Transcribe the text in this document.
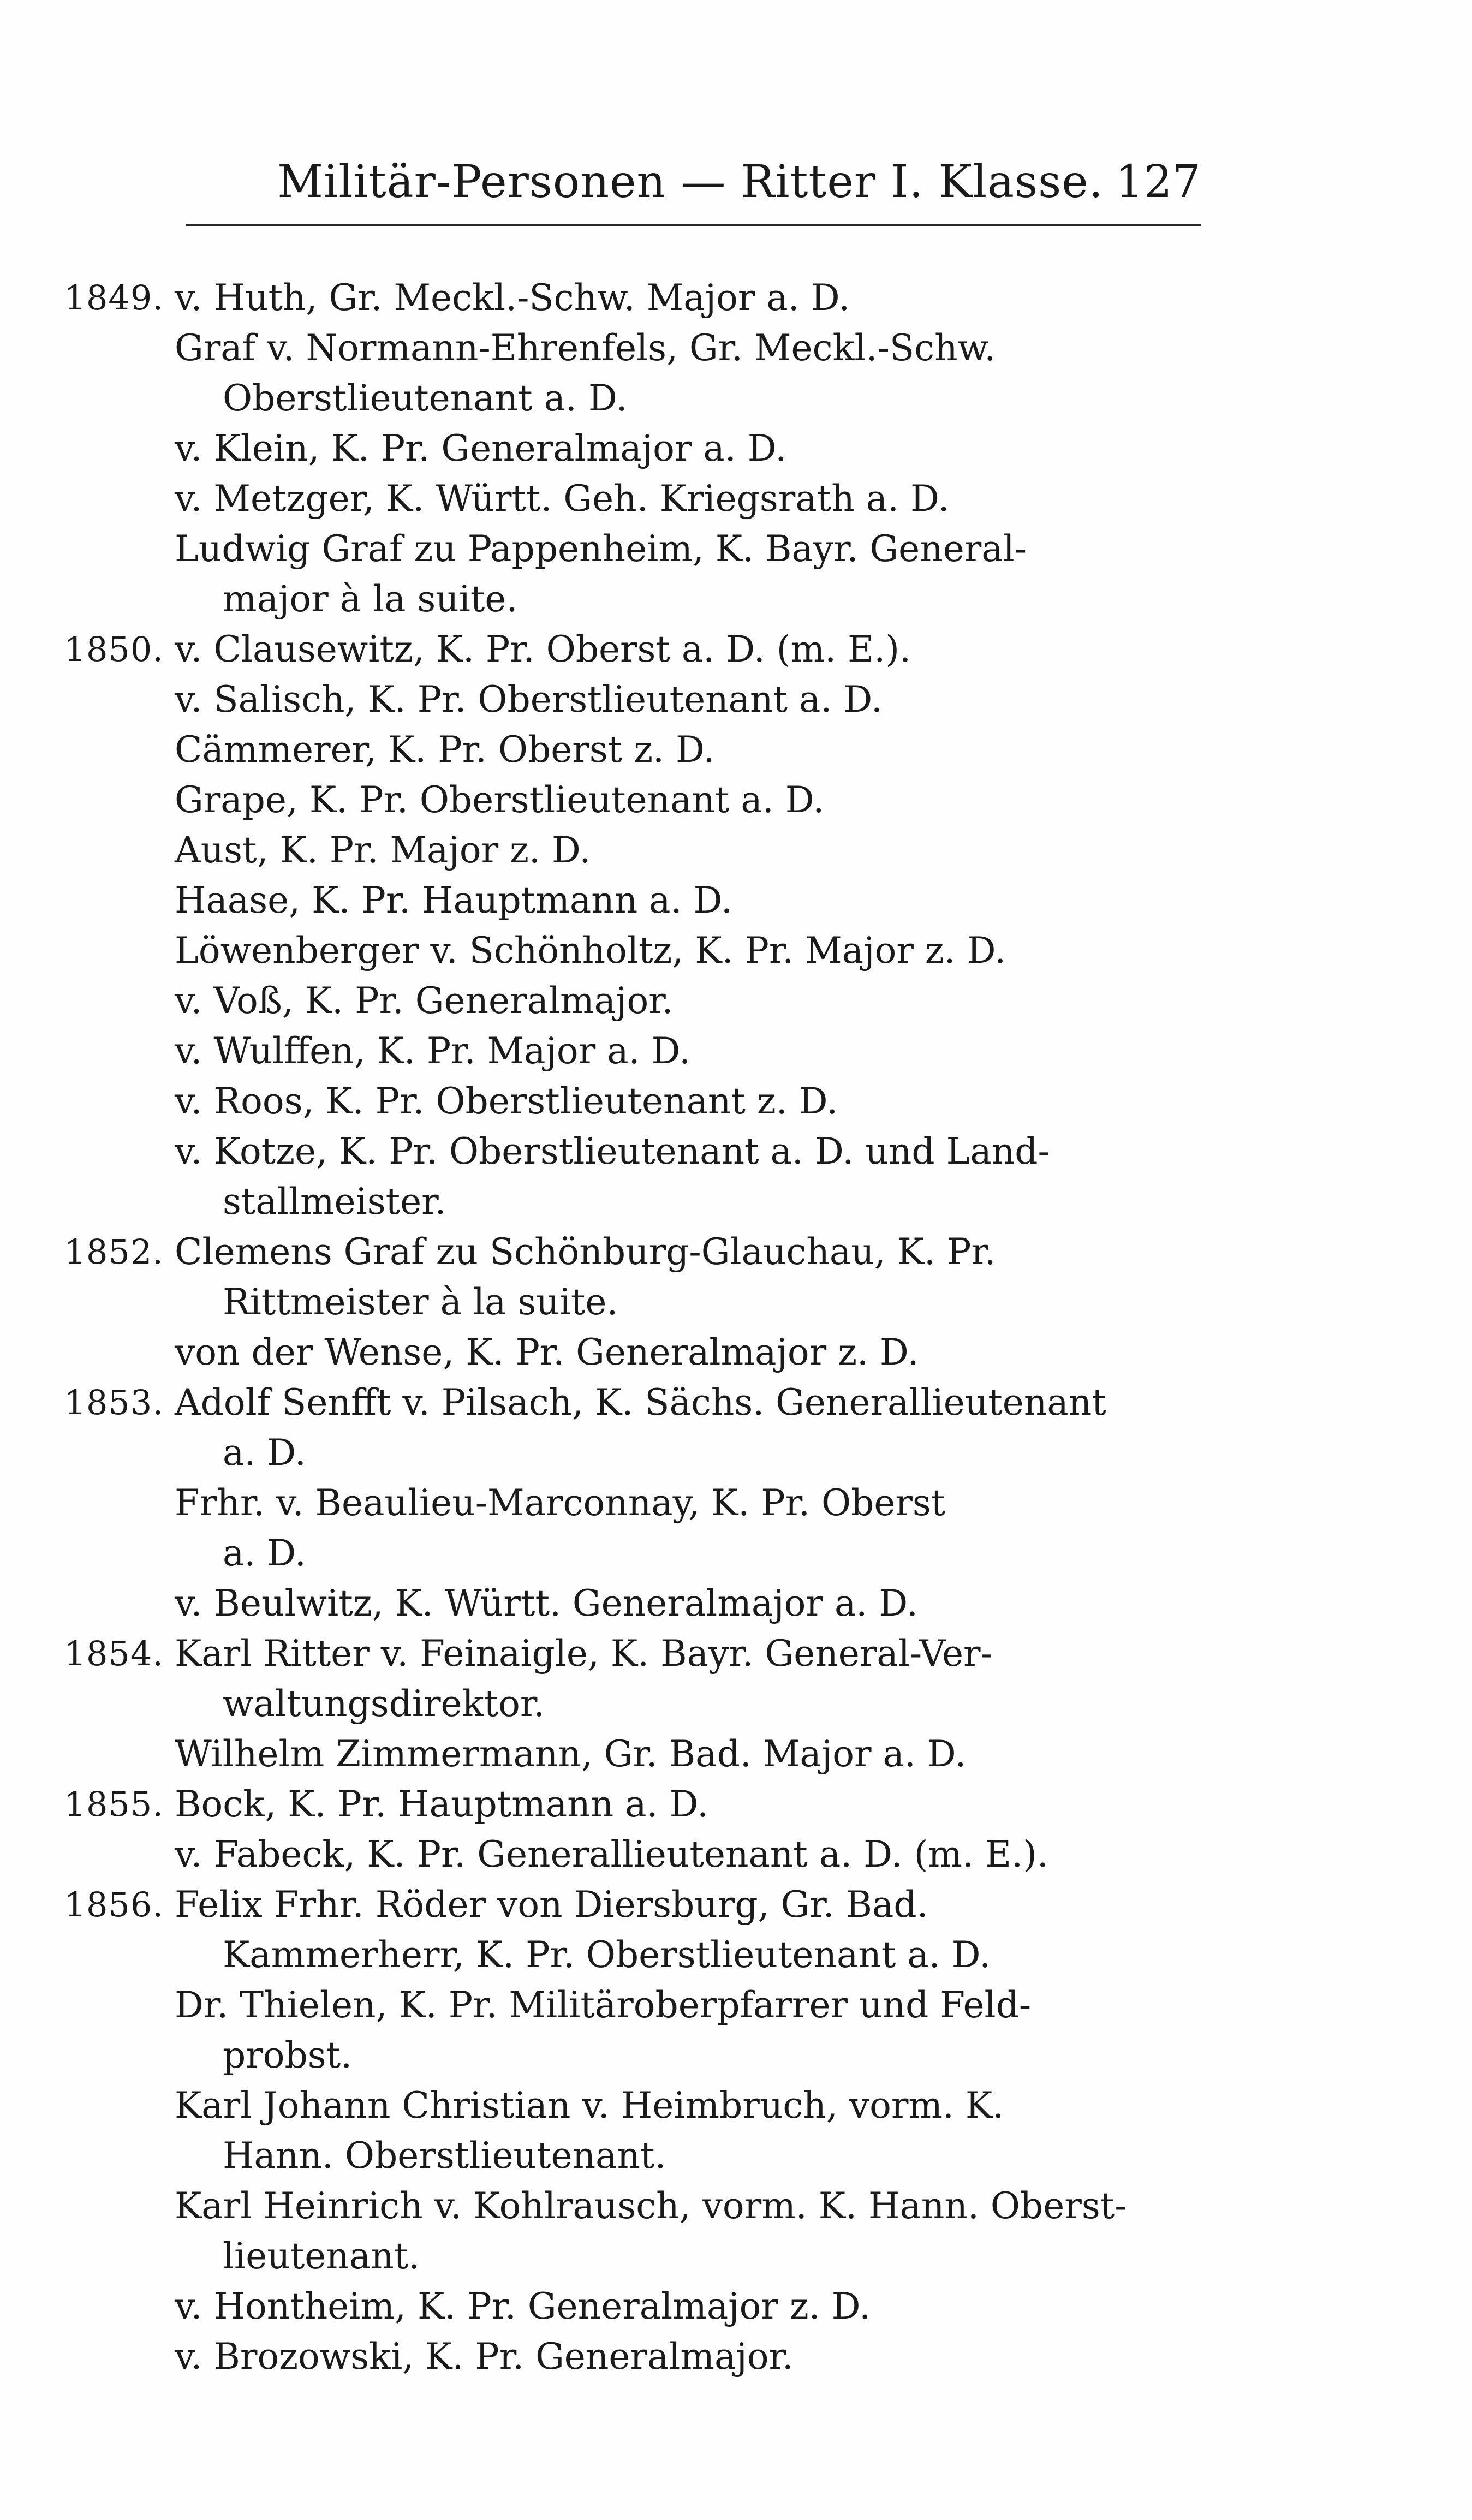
Militär-Personen — Ritter I. Klasse. 127
1849. v. Huth, Gr. Meckl.-Schw. Major a. D.
Graf v. Normann-Ehrenfels, Gr. Meckl.-Schw.
Oberstlieutenant a. D.
v. Klein, K. Pr. Generalmajor a. D.
v. Metzger, K. Württ. Geh. Kriegsrath a. D.
Ludwig Graf zu Pappenheim, K. Bayr. General-
major à la suite.
1850. v. Clausewitz, K. Pr. Oberst a. D. (m. E.).
v. Salisch, K. Pr. Oberstlieutenant a. D.
Cämmerer, K. Pr. Oberst z. D.
Grape, K. Pr. Oberstlieutenant a. D.
Aust, K. Pr. Major z. D.
Haase, K. Pr. Hauptmann a. D.
Löwenberger v. Schönholtz, K. Pr. Major z. D.
v. Voß, K. Pr. Generalmajor.
v. Wulffen, K. Pr. Major a. D.
v. Roos, K. Pr. Oberstlieutenant z. D.
v. Kotze, K. Pr. Oberstlieutenant a. D. und Land-
stallmeister.
1852. Clemens Graf zu Schönburg-Glauchau, K. Pr.
Rittmeister à la suite.
von der Wense, K. Pr. Generalmajor z. D.
1853. Adolf Senfft v. Pilsach, K. Sächs. Generallieutenant
a. D.
Frhr. v. Beaulieu-Marconnay, K. Pr. Oberst
a. D.
v. Beulwitz, K. Württ. Generalmajor a. D.
1854. Karl Ritter v. Feinaigle, K. Bayr. General-Ver-
waltungsdirektor.
Wilhelm Zimmermann, Gr. Bad. Major a. D.
1855. Bock, K. Pr. Hauptmann a. D.
v. Fabeck, K. Pr. Generallieutenant a. D. (m. E.).
1856. Felix Frhr. Röder von Diersburg, Gr. Bad.
Kammerherr, K. Pr. Oberstlieutenant a. D.
Dr. Thielen, K. Pr. Militäroberpfarrer und Feld-
probst.
Karl Johann Christian v. Heimbruch, vorm. K.
Hann. Oberstlieutenant.
Karl Heinrich v. Kohlrausch, vorm. K. Hann. Oberst-
lieutenant.
v. Hontheim, K. Pr. Generalmajor z. D.
v. Brozowski, K. Pr. Generalmajor.
